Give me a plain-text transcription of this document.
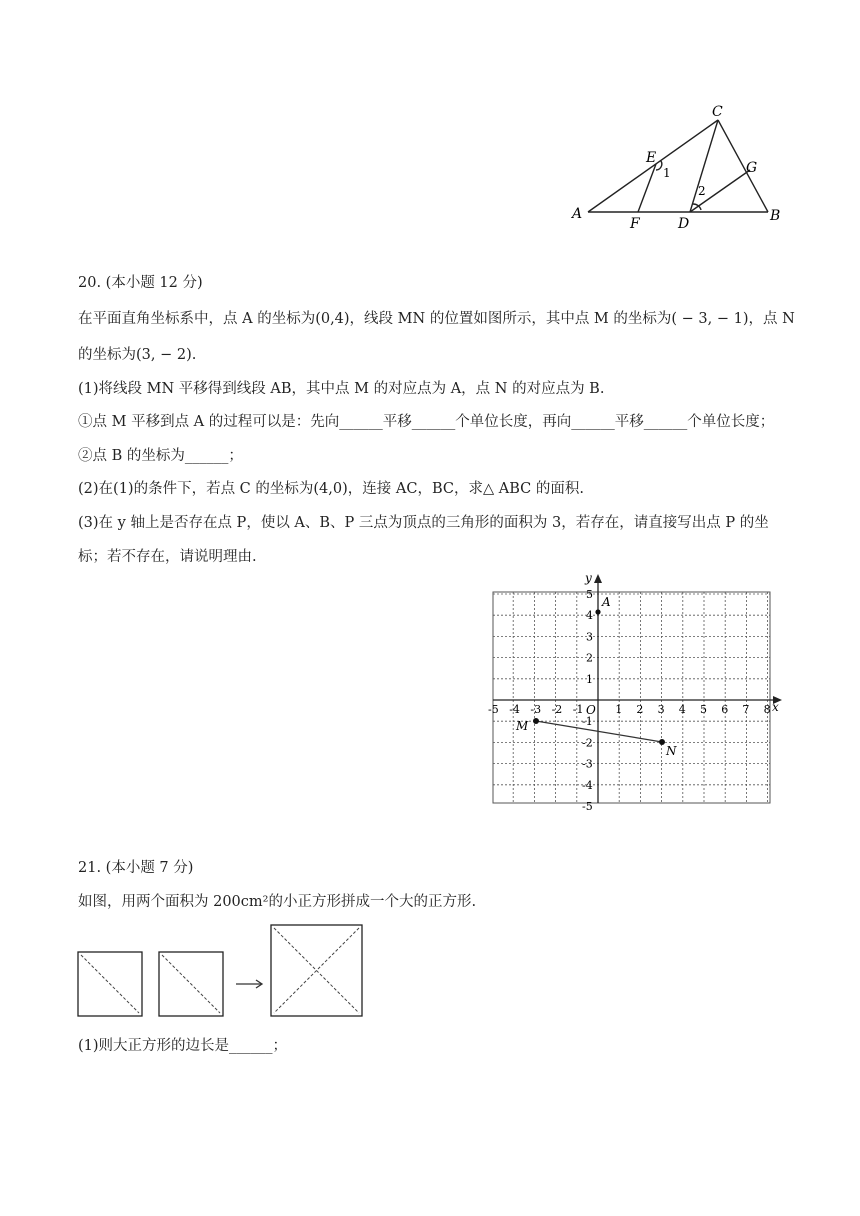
A	B
C
D
E
F
G
1
2
20. (本小题 12 分)
在平面直角坐标系中，点 A 的坐标为(0,4)，线段 MN 的位置如图所示，其中点 M 的坐标为( − 3, − 1)，点 N
的坐标为(3, − 2).
(1)将线段 MN 平移得到线段 AB，其中点 M 的对应点为 A，点 N 的对应点为 B.
①点 M 平移到点 A 的过程可以是：先向______平移______个单位长度，再向______平移______个单位长度；
②点 B 的坐标为______；
(2)在(1)的条件下，若点 C 的坐标为(4,0)，连接 AC，BC，求△ ABC 的面积.
(3)在 y 轴上是否存在点 P，使以 A、B、P 三点为顶点的三角形的面积为 3，若存在，请直接写出点 P 的坐
标；若不存在，请说明理由.
x
y
O
-5 -4 -3 -2 -1	1 2 3 4 5 6 7 8
5
4
3
2
1
-1
-2
-3
-4
-5
A
M
N
21. (本小题 7 分)
如图，用两个面积为 200cm²的小正方形拼成一个大的正方形.
(1)则大正方形的边长是______；
